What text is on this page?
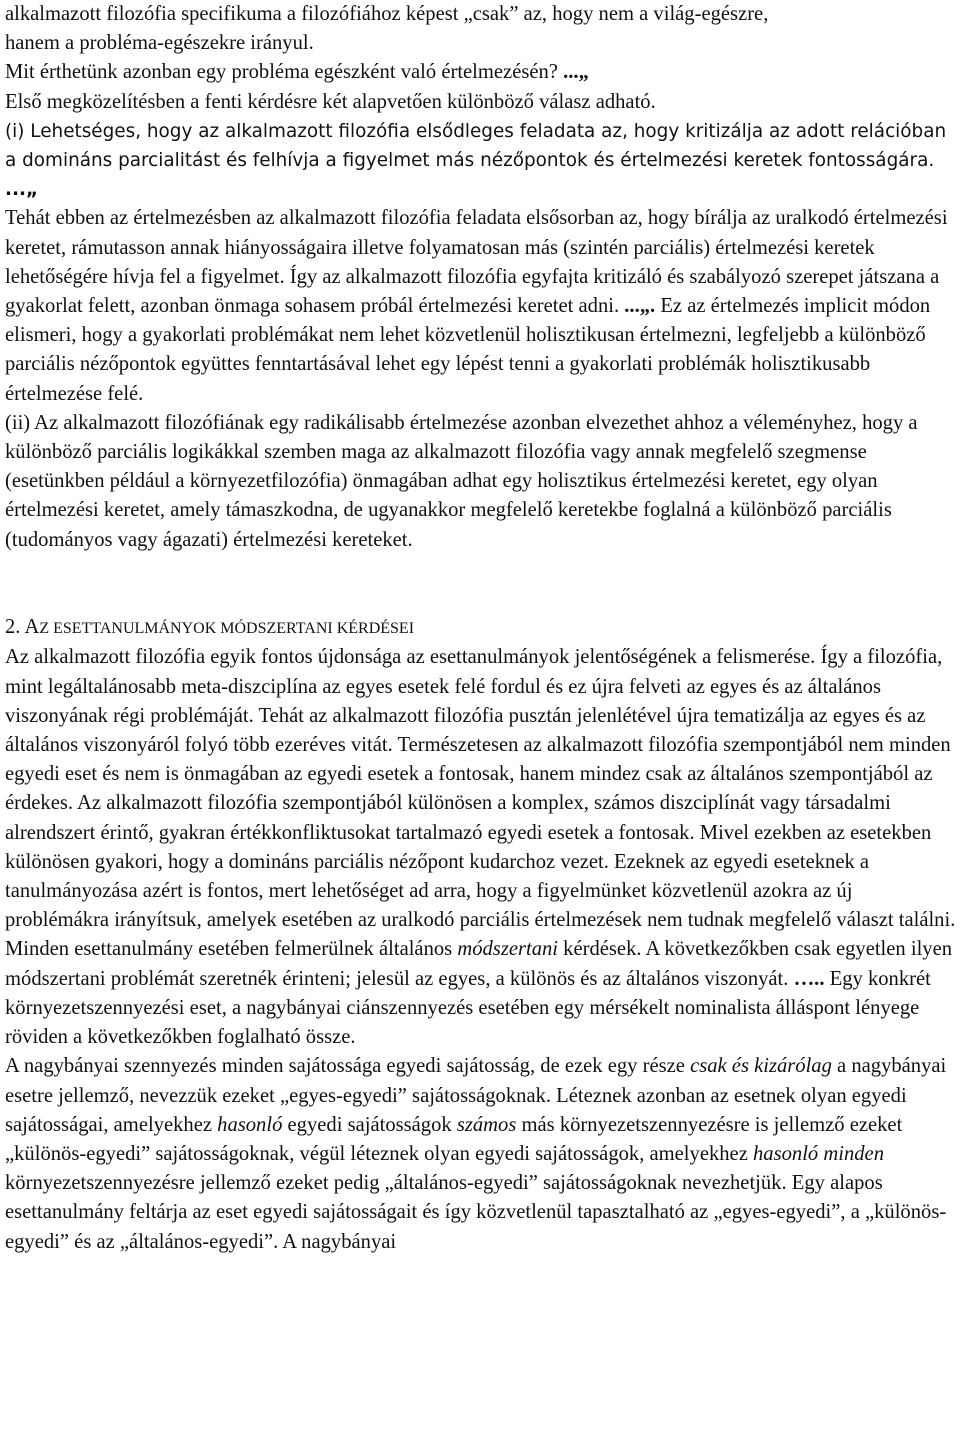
alkalmazott filozófia specifikuma a filozófiához képest „csak” az, hogy nem a világ-egészre,

hanem a probléma-egészekre irányul.

Mit érthetünk azonban egy probléma egészként való értelmezésén? ...„

Első megközelítésben a fenti kérdésre két alapvetően különböző válasz adható.

(i) Lehetséges, hogy az alkalmazott filozófia elsődleges feladata az, hogy kritizálja az adott relációban a domináns parcialitást és felhívja a figyelmet más nézőpontok és értelmezési keretek fontosságára. ...„

Tehát ebben az értelmezésben az alkalmazott filozófia feladata elsősorban az, hogy bírálja az uralkodó értelmezési keretet, rámutasson annak hiányosságaira illetve folyamatosan más (szintén parciális) értelmezési keretek lehetőségére hívja fel a figyelmet. Így az alkalmazott filozófia egyfajta kritizáló és szabályozó szerepet játszana a gyakorlat felett, azonban önmaga sohasem próbál értelmezési keretet adni. ...„. Ez az értelmezés implicit módon elismeri, hogy a gyakorlati problémákat nem lehet közvetlenül holisztikusan értelmezni, legfeljebb a különböző parciális nézőpontok együttes fenntartásával lehet egy lépést tenni a gyakorlati problémák holisztikusabb értelmezése felé.

(ii) Az alkalmazott filozófiának egy radikálisabb értelmezése azonban elvezethet ahhoz a véleményhez, hogy a különböző parciális logikákkal szemben maga az alkalmazott filozófia vagy annak megfelelő szegmense (esetünkben például a környezetfilozófia) önmagában adhat egy holisztikus értelmezési keretet, egy olyan értelmezési keretet, amely támaszkodna, de ugyanakkor megfelelő keretekbe foglalná a különböző parciális (tudományos vagy ágazati) értelmezési kereteket.

2. AZ ESETTANULMÁNYOK MÓDSZERTANI KÉRDÉSEI

Az alkalmazott filozófia egyik fontos újdonsága az esettanulmányok jelentőségének a felismerése. Így a filozófia, mint legáltalánosabb meta-diszciplína az egyes esetek felé fordul és ez újra felveti az egyes és az általános viszonyának régi problémáját. Tehát az alkalmazott filozófia pusztán jelenlétével újra tematizálja az egyes és az általános viszonyáról folyó több ezeréves vitát. Természetesen az alkalmazott filozófia szempontjából nem minden egyedi eset és nem is önmagában az egyedi esetek a fontosak, hanem mindez csak az általános szempontjából az érdekes. Az alkalmazott filozófia szempontjából különösen a komplex, számos diszciplínát vagy társadalmi alrendszert érintő, gyakran értékkonfliktusokat tartalmazó egyedi esetek a fontosak. Mivel ezekben az esetekben különösen gyakori, hogy a domináns parciális nézőpont kudarchoz vezet. Ezeknek az egyedi eseteknek a tanulmányozása azért is fontos, mert lehetőséget ad arra, hogy a figyelmünket közvetlenül azokra az új problémákra irányítsuk, amelyek esetében az uralkodó parciális értelmezések nem tudnak megfelelő választ találni.

Minden esettanulmány esetében felmerülnek általános módszertani kérdések. A következőkben csak egyetlen ilyen módszertani problémát szeretnék érinteni; jelesül az egyes, a különös és az általános viszonyát. ….. Egy konkrét környezetszennyezési eset, a nagybányai ciánszennyezés esetében egy mérsékelt nominalista álláspont lényege röviden a következőkben foglalható össze.

A nagybányai szennyezés minden sajátossága egyedi sajátosság, de ezek egy része csak és kizárólag a nagybányai esetre jellemző, nevezzük ezeket „egyes-egyedi” sajátosságoknak. Léteznek azonban az esetnek olyan egyedi sajátosságai, amelyekhez hasonló egyedi sajátosságok számos más környezetszennyezésre is jellemző ezeket „különös-egyedi” sajátosságoknak, végül léteznek olyan egyedi sajátosságok, amelyekhez hasonló minden környezetszennyezésre jellemző ezeket pedig „általános-egyedi” sajátosságoknak nevezhetjük. Egy alapos esettanulmány feltárja az eset egyedi sajátosságait és így közvetlenül tapasztalható az „egyes-egyedi”, a „különös-egyedi” és az „általános-egyedi”. A nagybányai
